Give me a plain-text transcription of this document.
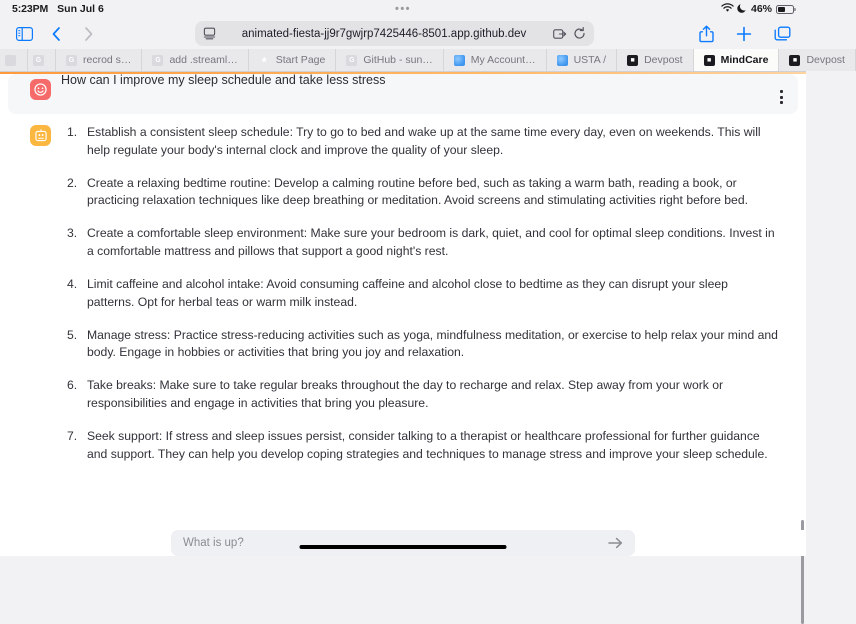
5:23PM Sun Jul 6	•••	46%
animated-fiesta-jj9r7gwjrp7425446-8501.app.github.dev
G	G recrod s…	G add .streaml…	★ Start Page	G GitHub - sun…	My Account…	USTA /	■ Devpost	■ MindCare	■ Devpost
How can I improve my sleep schedule and take less stress
Establish a consistent sleep schedule: Try to go to bed and wake up at the same time every day, even on weekends. This will help regulate your body's internal clock and improve the quality of your sleep.
Create a relaxing bedtime routine: Develop a calming routine before bed, such as taking a warm bath, reading a book, or practicing relaxation techniques like deep breathing or meditation. Avoid screens and stimulating activities right before bed.
Create a comfortable sleep environment: Make sure your bedroom is dark, quiet, and cool for optimal sleep conditions. Invest in a comfortable mattress and pillows that support a good night's rest.
Limit caffeine and alcohol intake: Avoid consuming caffeine and alcohol close to bedtime as they can disrupt your sleep patterns. Opt for herbal teas or warm milk instead.
Manage stress: Practice stress-reducing activities such as yoga, mindfulness meditation, or exercise to help relax your mind and body. Engage in hobbies or activities that bring you joy and relaxation.
Take breaks: Make sure to take regular breaks throughout the day to recharge and relax. Step away from your work or responsibilities and engage in activities that bring you pleasure.
Seek support: If stress and sleep issues persist, consider talking to a therapist or healthcare professional for further guidance and support. They can help you develop coping strategies and techniques to manage stress and improve your sleep schedule.
What is up?
